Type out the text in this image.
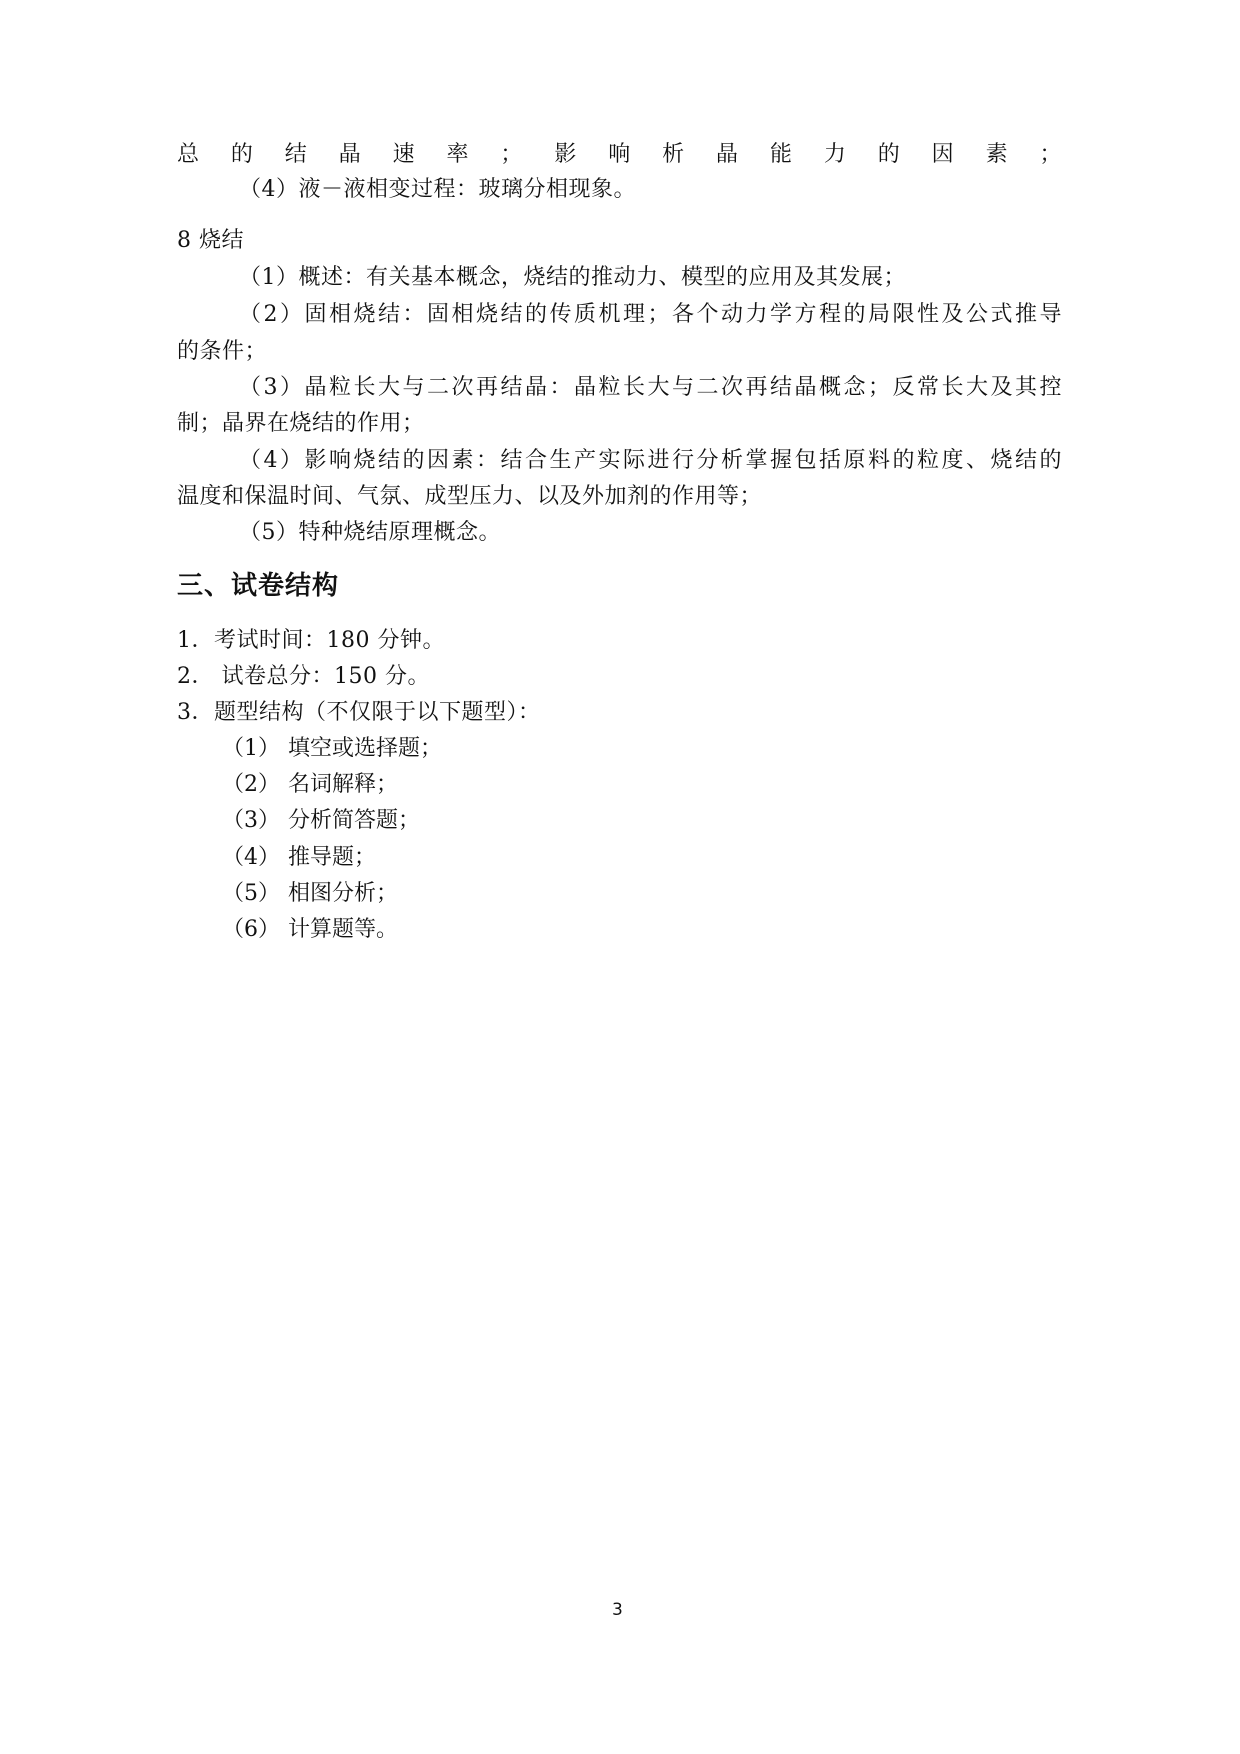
总的结晶速率；影响析晶能力的因素；
（4）液－液相变过程：玻璃分相现象。
8 烧结
（1）概述：有关基本概念，烧结的推动力、模型的应用及其发展；
（2）固相烧结：固相烧结的传质机理；各个动力学方程的局限性及公式推导
的条件；
（3）晶粒长大与二次再结晶：晶粒长大与二次再结晶概念；反常长大及其控
制；晶界在烧结的作用；
（4）影响烧结的因素：结合生产实际进行分析掌握包括原料的粒度、烧结的
温度和保温时间、气氛、成型压力、以及外加剂的作用等；
（5）特种烧结原理概念。
三、试卷结构
1．考试时间：180 分钟。
2． 试卷总分：150 分。
3．题型结构（不仅限于以下题型）：
（1） 填空或选择题；
（2） 名词解释；
（3） 分析简答题；
（4） 推导题；
（5） 相图分析；
（6） 计算题等。
3
